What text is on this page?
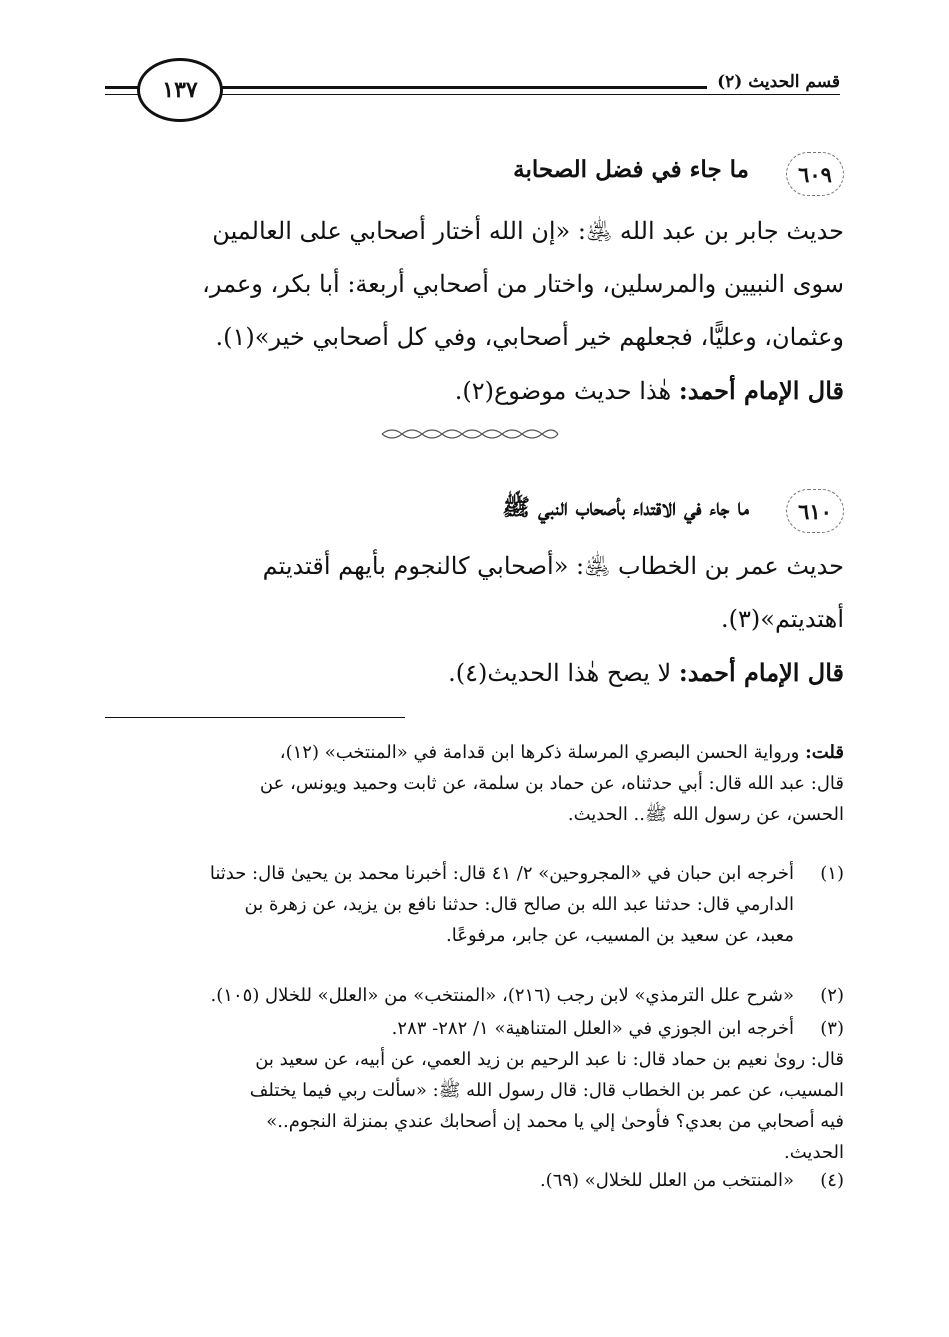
قسم الحديث (٢)
١٣٧
٦٠٩
ما جاء في فضل الصحابة
حديث جابر بن عبد الله ﵁: «إن الله أختار أصحابي على العالمين
سوى النبيين والمرسلين، واختار من أصحابي أربعة: أبا بكر، وعمر،
وعثمان، وعليًّا، فجعلهم خير أصحابي، وفي كل أصحابي خير»(١).
قال الإمام أحمد: هٰذا حديث موضوع(٢).
٦١٠
ما جاء في الاقتداء بأصحاب النبي ﷺ
حديث عمر بن الخطاب ﵁: «أصحابي كالنجوم بأيهم أقتديتم
أهتديتم»(٣).
قال الإمام أحمد: لا يصح هٰذا الحديث(٤).
قلت: ورواية الحسن البصري المرسلة ذكرها ابن قدامة في «المنتخب» (١٢)،
قال: عبد الله قال: أبي حدثناه، عن حماد بن سلمة، عن ثابت وحميد ويونس، عن
الحسن، عن رسول الله ﷺ.. الحديث.
(١)
أخرجه ابن حبان في «المجروحين» ٢/ ٤١ قال: أخبرنا محمد بن يحيىٰ قال: حدثنا
الدارمي قال: حدثنا عبد الله بن صالح قال: حدثنا نافع بن يزيد، عن زهرة بن
معبد، عن سعيد بن المسيب، عن جابر، مرفوعًا.
(٢)
«شرح علل الترمذي» لابن رجب (٢١٦)، «المنتخب» من «العلل» للخلال (١٠٥).
(٣)
أخرجه ابن الجوزي في «العلل المتناهية» ١/ ٢٨٢- ٢٨٣.
قال: روىٰ نعيم بن حماد قال: نا عبد الرحيم بن زيد العمي، عن أبيه، عن سعيد بن
المسيب، عن عمر بن الخطاب قال: قال رسول الله ﷺ: «سألت ربي فيما يختلف
فيه أصحابي من بعدي؟ فأوحىٰ إلي يا محمد إن أصحابك عندي بمنزلة النجوم..»
الحديث.
(٤)
«المنتخب من العلل للخلال» (٦٩).
